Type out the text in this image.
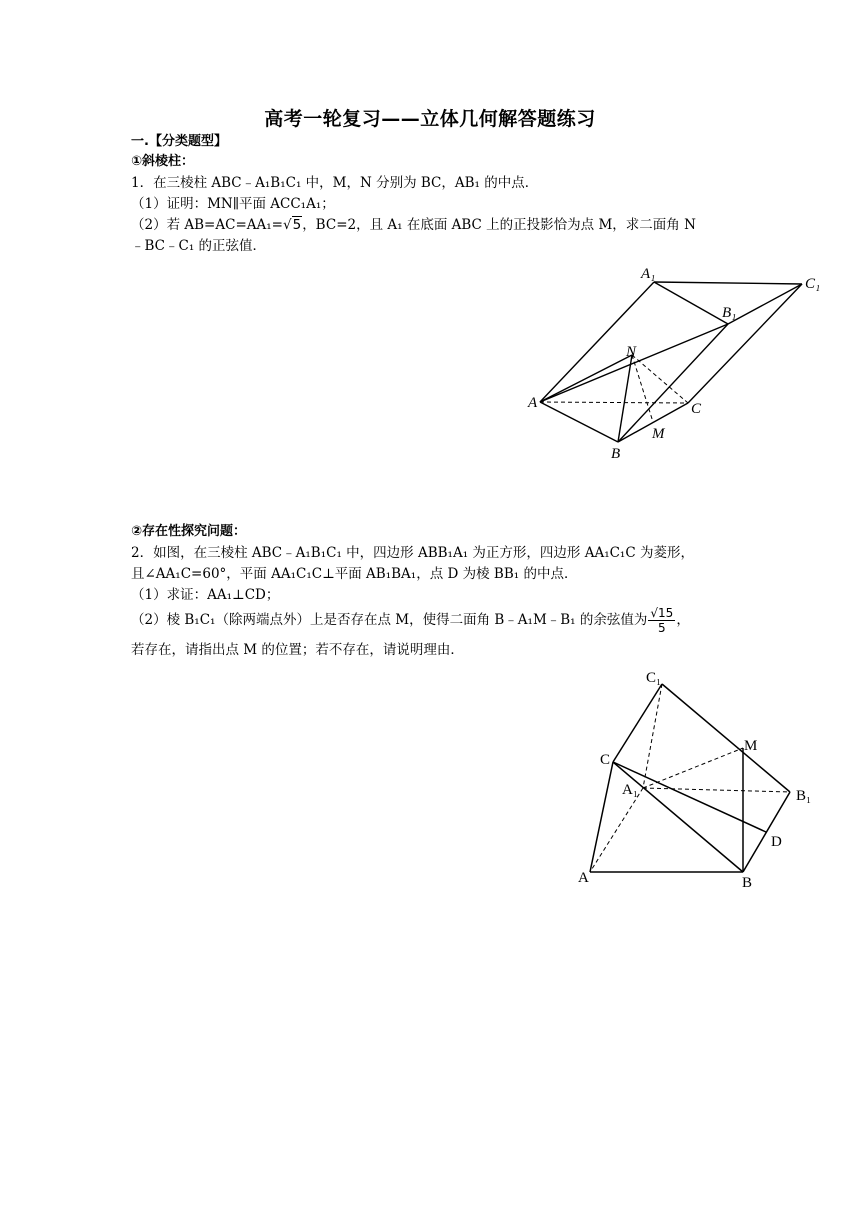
高考一轮复习——立体几何解答题练习
一.【分类题型】
①斜棱柱：
1．在三棱柱 ABC﹣A₁B₁C₁ 中，M，N 分别为 BC，AB₁ 的中点．
（1）证明：MN∥平面 ACC₁A₁；
（2）若 AB=AC=AA₁=√5，BC=2，且 A₁ 在底面 ABC 上的正投影恰为点 M，求二面角 N
﹣BC﹣C₁ 的正弦值．
A₁
C₁
B₁
N
A	C
M
B
②存在性探究问题：
2．如图，在三棱柱 ABC﹣A₁B₁C₁ 中，四边形 ABB₁A₁ 为正方形，四边形 AA₁C₁C 为菱形，
且∠AA₁C=60°，平面 AA₁C₁C⊥平面 AB₁BA₁，点 D 为棱 BB₁ 的中点．
（1）求证：AA₁⊥CD；
（2）棱 B₁C₁（除两端点外）上是否存在点 M，使得二面角 B﹣A₁M﹣B₁ 的余弦值为 $\frac{√15}{5}$ ，
若存在，请指出点 M 的位置；若不存在，请说明理由．
C₁
M
C
A₁	B₁
D
A	B
